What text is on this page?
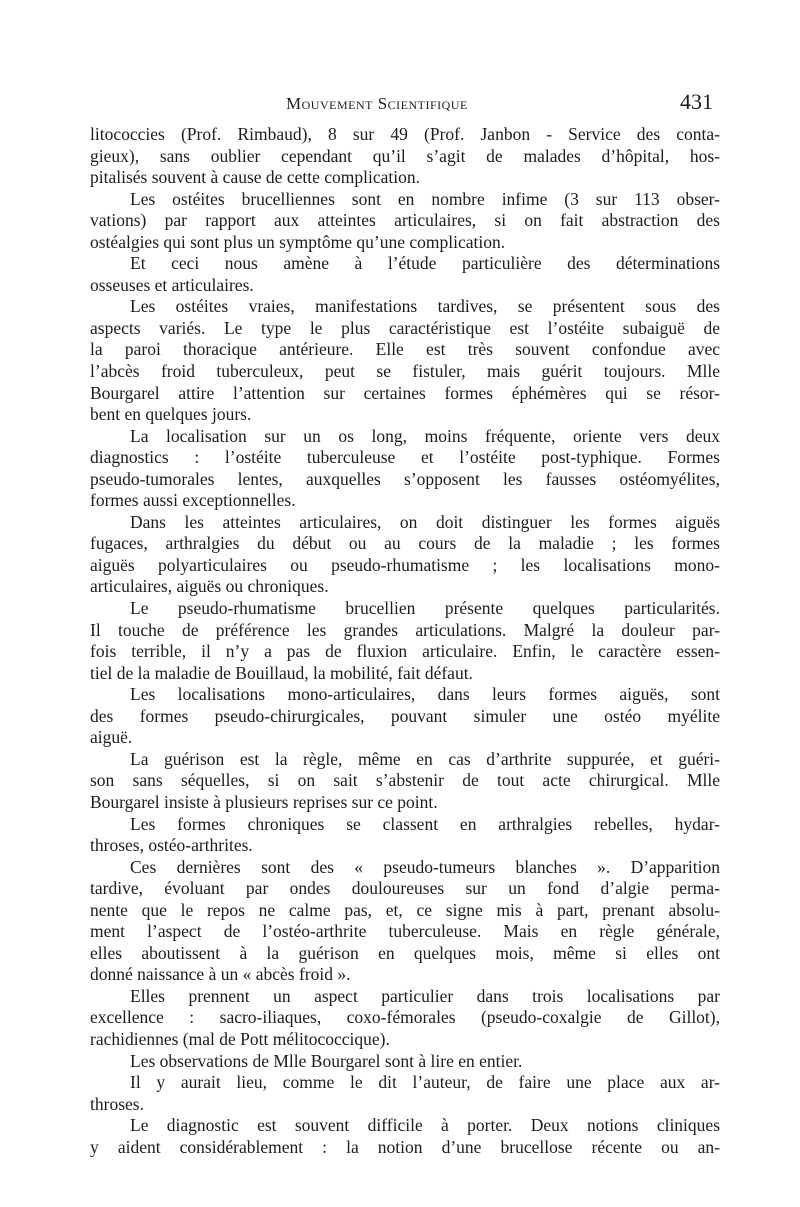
Mouvement Scientifique	431
litococcies (Prof. Rimbaud), 8 sur 49 (Prof. Janbon - Service des conta-
gieux), sans oublier cependant qu’il s’agit de malades d’hôpital, hos-
pitalisés souvent à cause de cette complication.
Les ostéites brucelliennes sont en nombre infime (3 sur 113 obser-
vations) par rapport aux atteintes articulaires, si on fait abstraction des
ostéalgies qui sont plus un symptôme qu’une complication.
Et ceci nous amène à l’étude particulière des déterminations
osseuses et articulaires.
Les ostéites vraies, manifestations tardives, se présentent sous des
aspects variés. Le type le plus caractéristique est l’ostéite subaiguë de
la paroi thoracique antérieure. Elle est très souvent confondue avec
l’abcès froid tuberculeux, peut se fistuler, mais guérit toujours. Mlle
Bourgarel attire l’attention sur certaines formes éphémères qui se résor-
bent en quelques jours.
La localisation sur un os long, moins fréquente, oriente vers deux
diagnostics : l’ostéite tuberculeuse et l’ostéite post-typhique. Formes
pseudo-tumorales lentes, auxquelles s’opposent les fausses ostéomyélites,
formes aussi exceptionnelles.
Dans les atteintes articulaires, on doit distinguer les formes aiguës
fugaces, arthralgies du début ou au cours de la maladie ; les formes
aiguës polyarticulaires ou pseudo-rhumatisme ; les localisations mono-
articulaires, aiguës ou chroniques.
Le pseudo-rhumatisme brucellien présente quelques particularités.
Il touche de préférence les grandes articulations. Malgré la douleur par-
fois terrible, il n’y a pas de fluxion articulaire. Enfin, le caractère essen-
tiel de la maladie de Bouillaud, la mobilité, fait défaut.
Les localisations mono-articulaires, dans leurs formes aiguës, sont
des formes pseudo-chirurgicales, pouvant simuler une ostéo myélite
aiguë.
La guérison est la règle, même en cas d’arthrite suppurée, et guéri-
son sans séquelles, si on sait s’abstenir de tout acte chirurgical. Mlle
Bourgarel insiste à plusieurs reprises sur ce point.
Les formes chroniques se classent en arthralgies rebelles, hydar-
throses, ostéo-arthrites.
Ces dernières sont des « pseudo-tumeurs blanches ». D’apparition
tardive, évoluant par ondes douloureuses sur un fond d’algie perma-
nente que le repos ne calme pas, et, ce signe mis à part, prenant absolu-
ment l’aspect de l’ostéo-arthrite tuberculeuse. Mais en règle générale,
elles aboutissent à la guérison en quelques mois, même si elles ont
donné naissance à un « abcès froid ».
Elles prennent un aspect particulier dans trois localisations par
excellence : sacro-iliaques, coxo-fémorales (pseudo-coxalgie de Gillot),
rachidiennes (mal de Pott mélitococcique).
Les observations de Mlle Bourgarel sont à lire en entier.
Il y aurait lieu, comme le dit l’auteur, de faire une place aux ar-
throses.
Le diagnostic est souvent difficile à porter. Deux notions cliniques
y aident considérablement : la notion d’une brucellose récente ou an-
